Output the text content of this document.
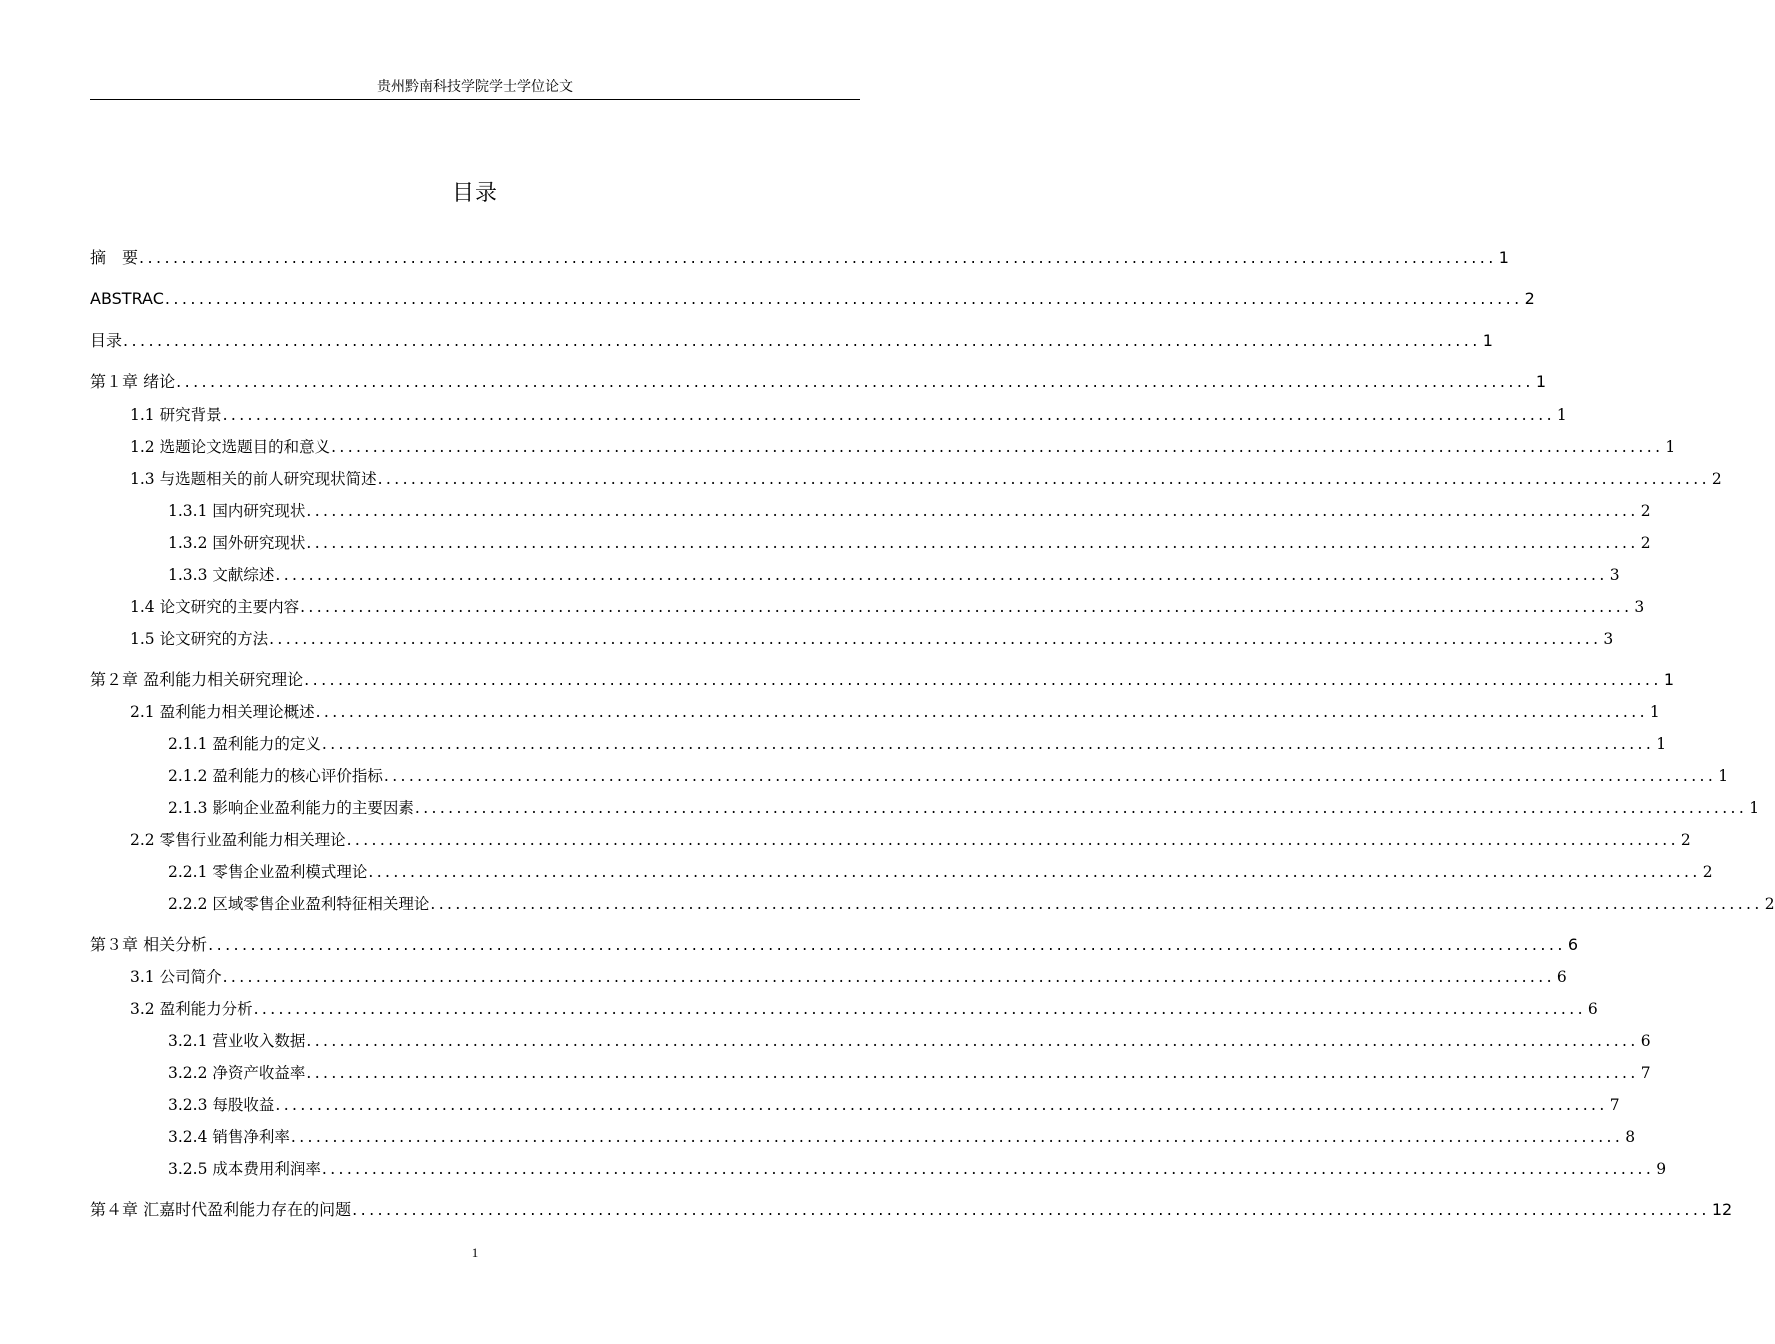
贵州黔南科技学院学士学位论文
目录
摘　要 ................................................................................................................................................................ 1
ABSTRAC ................................................................................................................................................................ 2
目录 ................................................................................................................................................................ 1
第１章 绪论 ................................................................................................................................................................ 1
1.1 研究背景 ................................................................................................................................................................ 1
1.2 选题论文选题目的和意义 ................................................................................................................................................................ 1
1.3 与选题相关的前人研究现状简述 ................................................................................................................................................................ 2
1.3.1 国内研究现状 ................................................................................................................................................................ 2
1.3.2 国外研究现状 ................................................................................................................................................................ 2
1.3.3 文献综述 ................................................................................................................................................................ 3
1.4 论文研究的主要内容 ................................................................................................................................................................ 3
1.5 论文研究的方法 ................................................................................................................................................................ 3
第２章 盈利能力相关研究理论 ................................................................................................................................................................ 1
2.1 盈利能力相关理论概述 ................................................................................................................................................................ 1
2.1.1 盈利能力的定义 ................................................................................................................................................................ 1
2.1.2 盈利能力的核心评价指标 ................................................................................................................................................................ 1
2.1.3 影响企业盈利能力的主要因素 ................................................................................................................................................................ 1
2.2 零售行业盈利能力相关理论 ................................................................................................................................................................ 2
2.2.1 零售企业盈利模式理论 ................................................................................................................................................................ 2
2.2.2 区域零售企业盈利特征相关理论 ................................................................................................................................................................ 2
第３章 相关分析 ................................................................................................................................................................ 6
3.1 公司简介 ................................................................................................................................................................ 6
3.2 盈利能力分析 ................................................................................................................................................................ 6
3.2.1 营业收入数据 ................................................................................................................................................................ 6
3.2.2 净资产收益率 ................................................................................................................................................................ 7
3.2.3 每股收益 ................................................................................................................................................................ 7
3.2.4 销售净利率 ................................................................................................................................................................ 8
3.2.5 成本费用利润率 ................................................................................................................................................................ 9
第４章 汇嘉时代盈利能力存在的问题 ................................................................................................................................................................ 12
1
